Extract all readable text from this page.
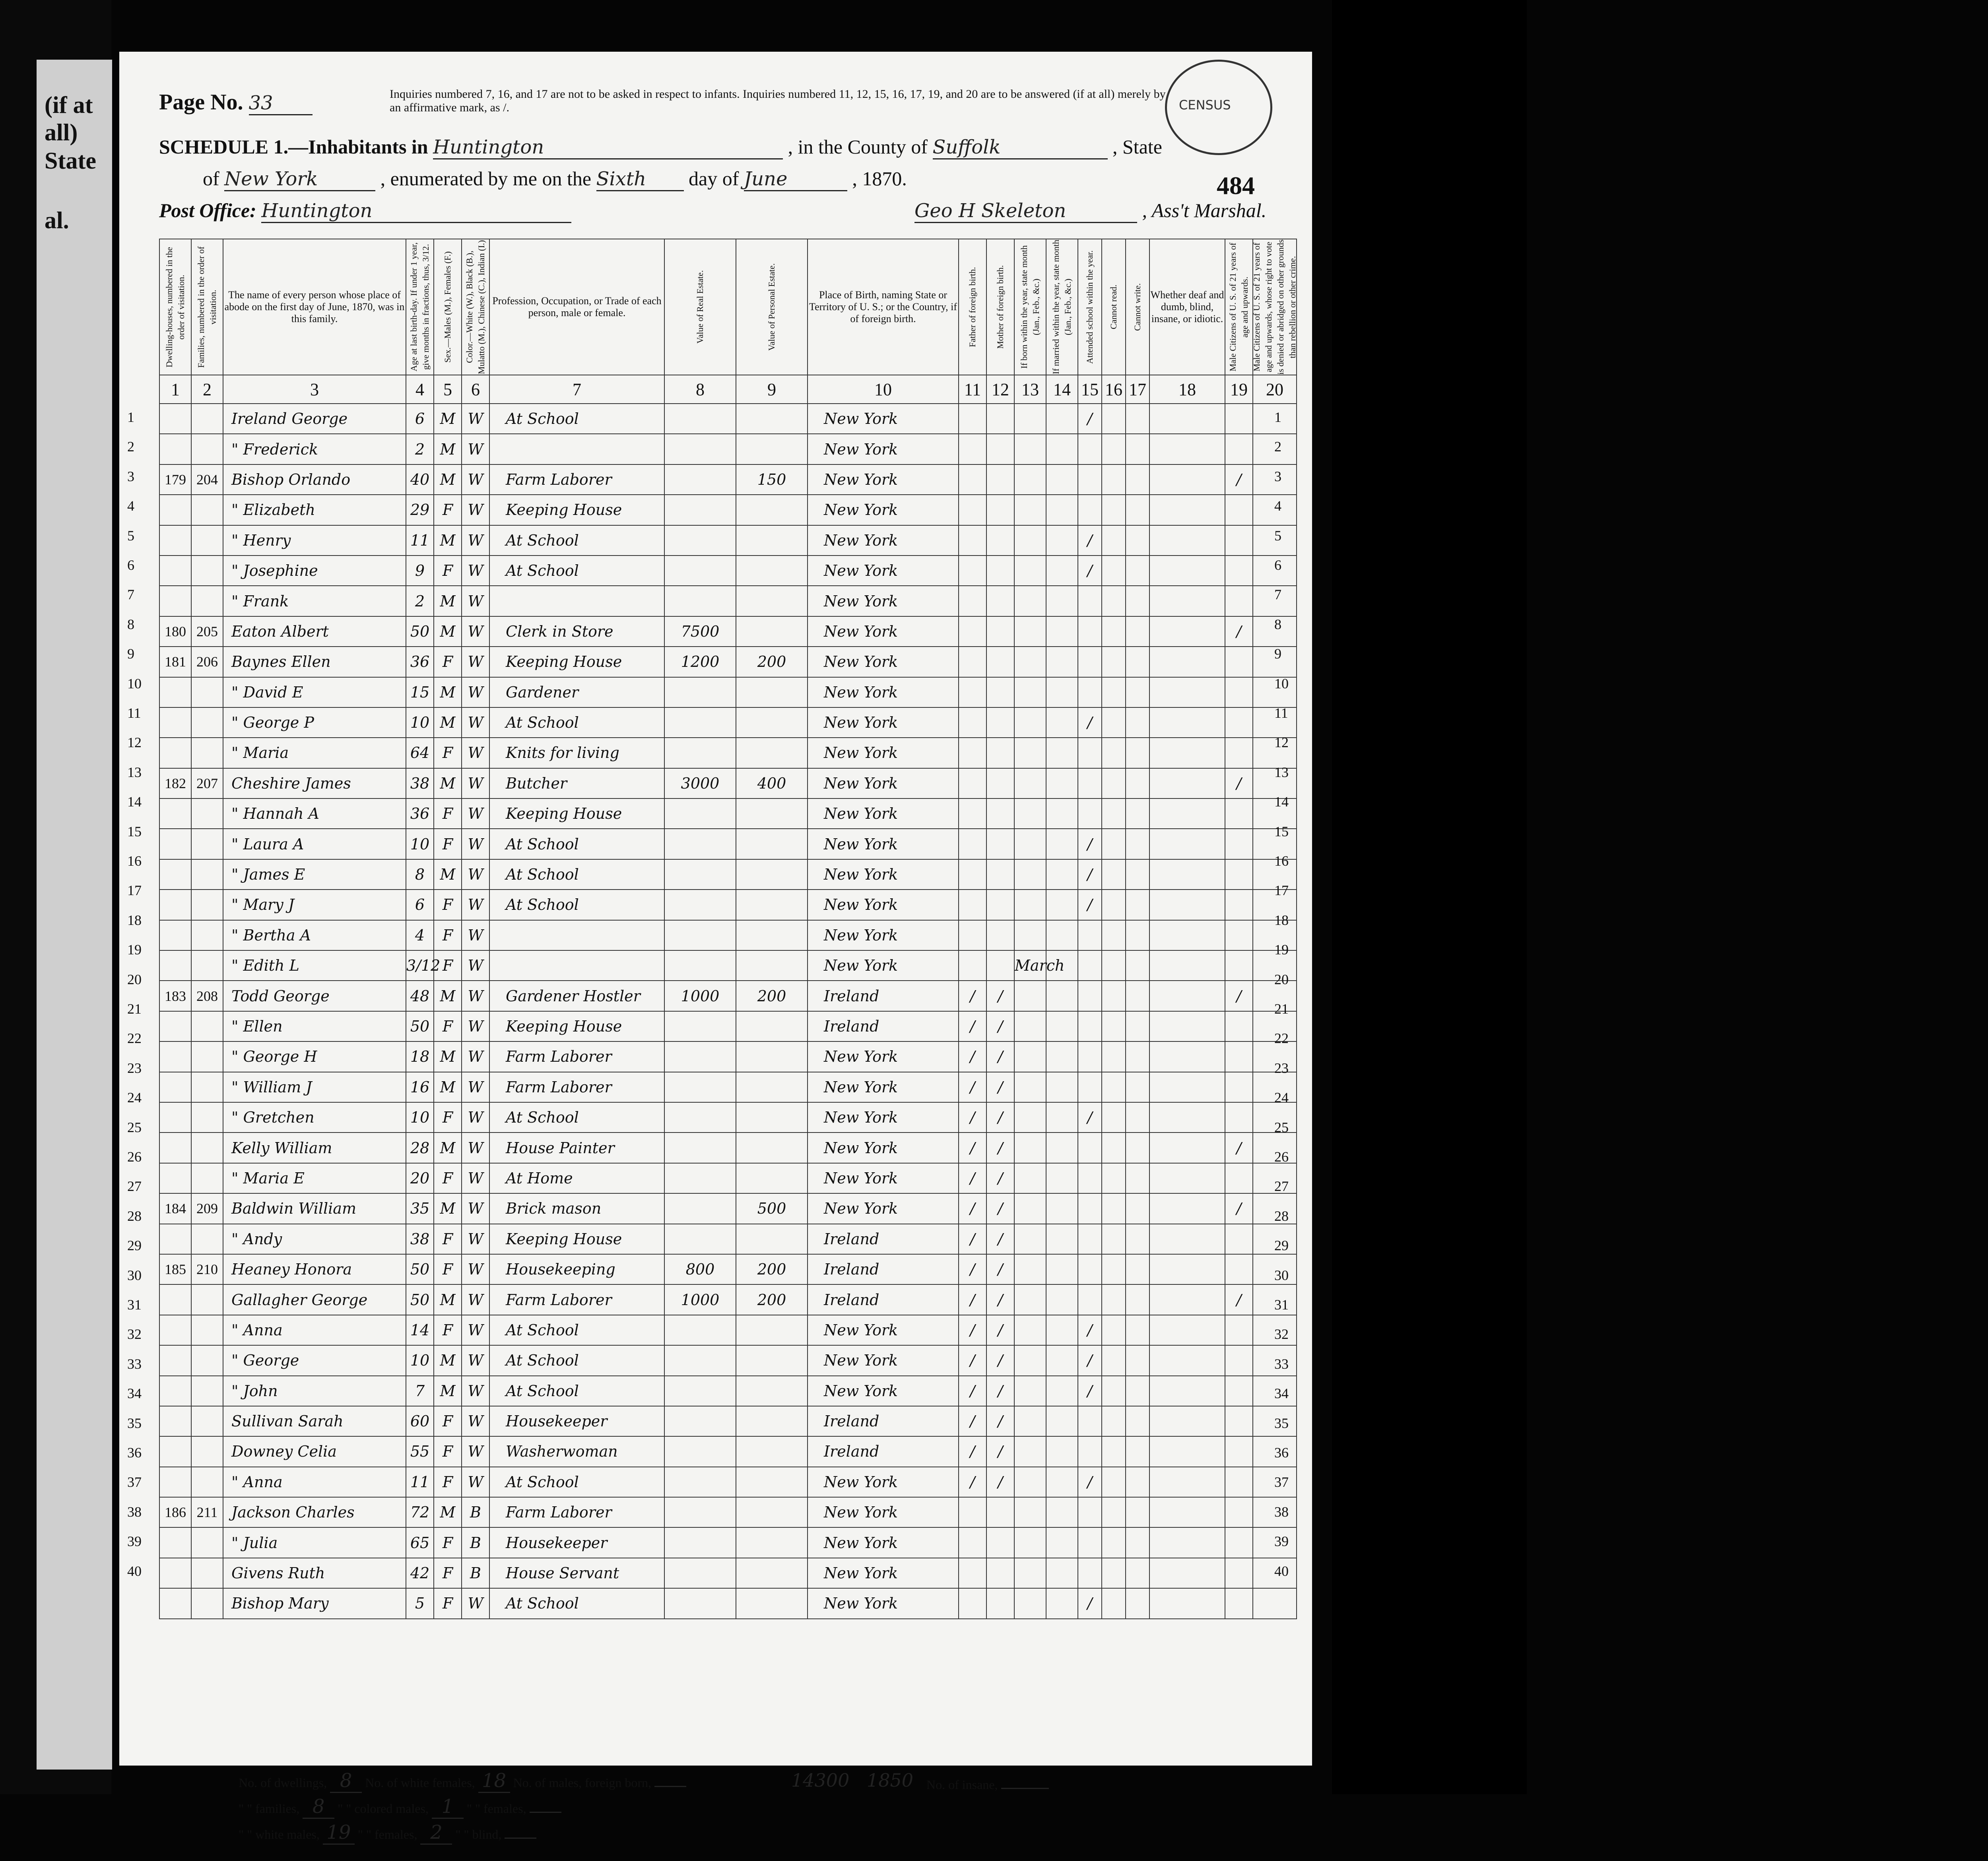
(if at all)
State
al.
CENSUS
Page No. 33	Inquiries numbered 7, 16, and 17 are not to be asked in respect to infants. Inquiries numbered 11, 12, 15, 16, 17, 19, and 20 are to be answered (if at all) merely by an affirmative mark, as /.
SCHEDULE 1.—Inhabitants in Huntington	, in the County of Suffolk	, State
of New York	, enumerated by me on the Sixth day of June	, 1870.	484
Post Office: Huntington	Geo H Skeleton	, Ass't Marshal.
Dwelling-houses, numbered in the order of visitation.	Families, numbered in the order of visitation.	The name of every person whose place of abode on the first day of June, 1870, was in this family.	Age at last birth-day. If under 1 year, give months in fractions, thus, 3/12.	Sex.—Males (M.), Females (F.)	Color.—White (W.), Black (B.), Mulatto (M.), Chinese (C.), Indian (I.)	Profession, Occupation, or Trade of each person, male or female.	Value of Real Estate.	Value of Personal Estate.	Place of Birth, naming State or Territory of U. S.; or the Country, if of foreign birth.	Father of foreign birth.	Mother of foreign birth.	If born within the year, state month (Jan., Feb., &c.)	If married within the year, state month (Jan., Feb., &c.)	Attended school within the year.	Cannot read.	Cannot write.	Whether deaf and dumb, blind, insane, or idiotic.	Male Citizens of U. S. of 21 years of age and upwards.	Male Citizens of U. S. of 21 years of age and upwards, whose right to vote is denied or abridged on other grounds than rebellion or other crime.
1	2	3	4	5	6	7	8	9	10	11	12	13	14	15	16	17	18	19	20
		Ireland George	6	M	W	At School			New York					/					
		" Frederick	2	M	W				New York										
179	204	Bishop Orlando	40	M	W	Farm Laborer		150	New York									/	
		" Elizabeth	29	F	W	Keeping House			New York										
		" Henry	11	M	W	At School			New York					/					
		" Josephine	9	F	W	At School			New York					/					
		" Frank	2	M	W				New York										
180	205	Eaton Albert	50	M	W	Clerk in Store	7500		New York									/	
181	206	Baynes Ellen	36	F	W	Keeping House	1200	200	New York										
		" David E	15	M	W	Gardener			New York										
		" George P	10	M	W	At School			New York					/					
		" Maria	64	F	W	Knits for living			New York										
182	207	Cheshire James	38	M	W	Butcher	3000	400	New York									/	
		" Hannah A	36	F	W	Keeping House			New York										
		" Laura A	10	F	W	At School			New York					/					
		" James E	8	M	W	At School			New York					/					
		" Mary J	6	F	W	At School			New York					/					
		" Bertha A	4	F	W				New York										
		" Edith L	3/12	F	W				New York			March							
183	208	Todd George	48	M	W	Gardener Hostler	1000	200	Ireland	/	/							/	
		" Ellen	50	F	W	Keeping House			Ireland	/	/								
		" George H	18	M	W	Farm Laborer			New York	/	/								
		" William J	16	M	W	Farm Laborer			New York	/	/								
		" Gretchen	10	F	W	At School			New York	/	/			/					
		Kelly William	28	M	W	House Painter			New York	/	/							/	
		" Maria E	20	F	W	At Home			New York	/	/								
184	209	Baldwin William	35	M	W	Brick mason		500	New York	/	/							/	
		" Andy	38	F	W	Keeping House			Ireland	/	/								
185	210	Heaney Honora	50	F	W	Housekeeping	800	200	Ireland	/	/								
		Gallagher George	50	M	W	Farm Laborer	1000	200	Ireland	/	/							/	
		" Anna	14	F	W	At School			New York	/	/			/					
		" George	10	M	W	At School			New York	/	/			/					
		" John	7	M	W	At School			New York	/	/			/					
		Sullivan Sarah	60	F	W	Housekeeper			Ireland	/	/								
		Downey Celia	55	F	W	Washerwoman			Ireland	/	/								
		" Anna	11	F	W	At School			New York	/	/			/					
186	211	Jackson Charles	72	M	B	Farm Laborer			New York										
		" Julia	65	F	B	Housekeeper			New York										
		Givens Ruth	42	F	B	House Servant			New York										
		Bishop Mary	5	F	W	At School			New York					/					
No. of dwellings, 8 No. of white females, 18 No. of males, foreign born,
" " families, 8 " " colored males, 1 " " females,
" " white males, 19 " " females, 2 " " blind,
14300 1850 No. of insane,
1	1
2	2
3	3
4	4
5	5
6	6
7	7
8	8
9	9
10	10
11	11
12	12
13	13
14	14
15	15
16	16
17	17
18	18
19	19
20	20
21	21
22	22
23	23
24	24
25	25
26	26
27	27
28	28
29	29
30	30
31	31
32	32
33	33
34	34
35	35
36	36
37	37
38	38
39	39
40	40
